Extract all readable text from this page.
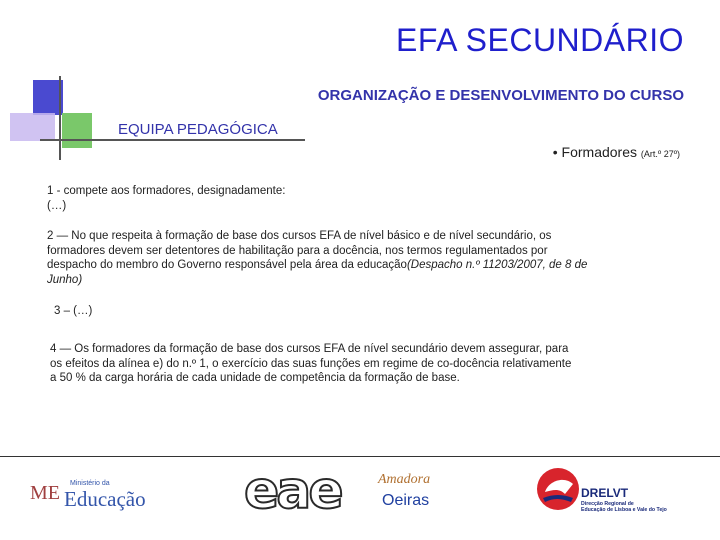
EFA SECUNDÁRIO
ORGANIZAÇÃO E DESENVOLVIMENTO DO CURSO
EQUIPA PEDAGÓGICA
• Formadores (Art.º 27º)
1 - compete aos formadores, designadamente:
(…)
2 — No que respeita à formação de base dos cursos EFA de nível básico e de nível secundário, os formadores devem ser detentores de habilitação para a docência, nos termos regulamentados por despacho do membro do Governo responsável pela área da educação(Despacho n.º 11203/2007, de 8 de Junho)
3 – (…)
4 — Os formadores da formação de base dos cursos EFA de nível secundário devem assegurar, para os efeitos da alínea e) do n.º 1, o exercício das suas funções em regime de co-docência relativamente a 50 % da carga horária de cada unidade de competência da formação de base.
ME Ministério da
Educação eae	Amadora
Oeiras	DRELVT
Direcção Regional de
Educação de Lisboa e Vale do Tejo
